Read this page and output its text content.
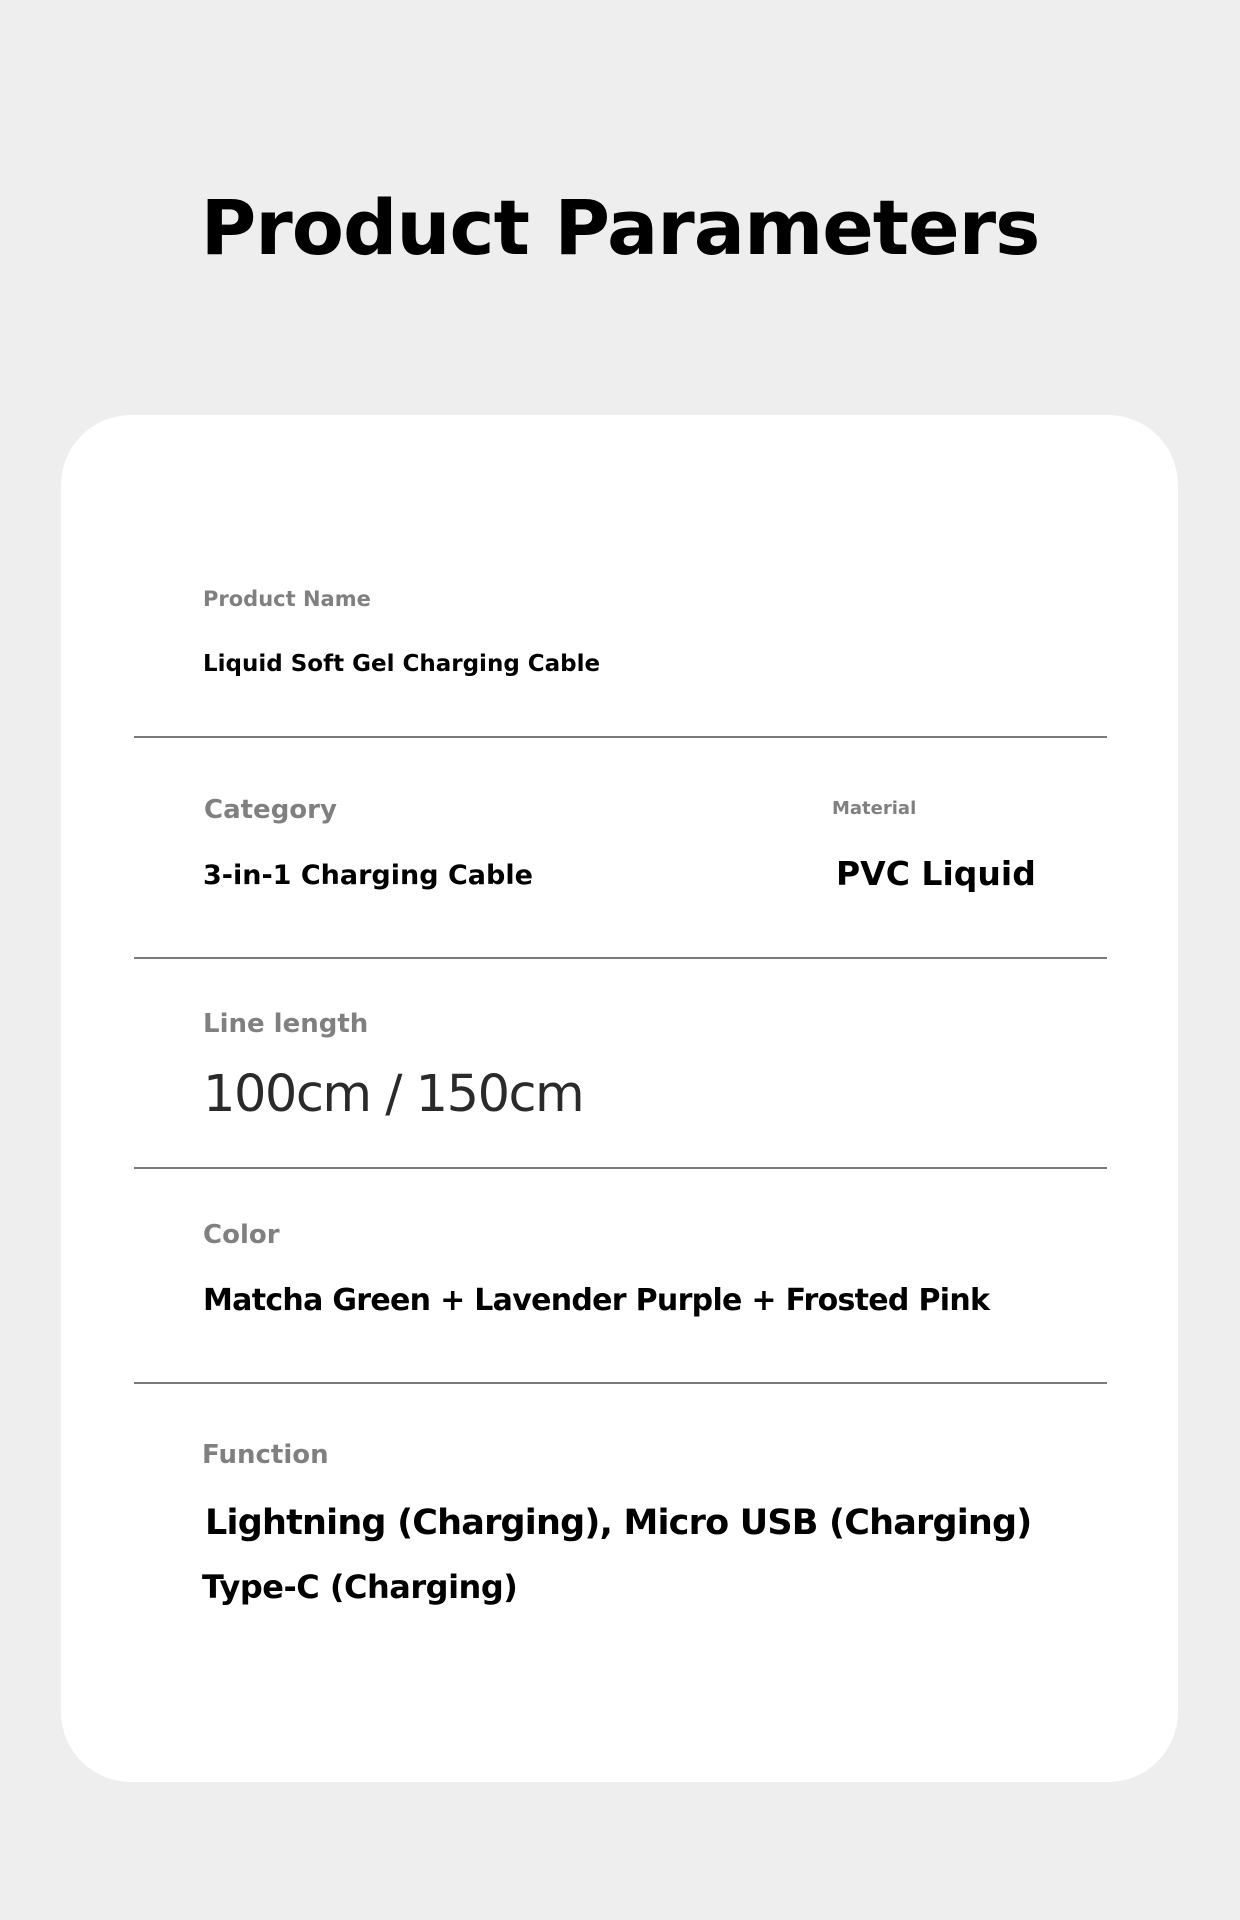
Product Parameters
Product Name
Liquid Soft Gel Charging Cable
Category
3-in-1 Charging Cable
Material
PVC Liquid
Line length
100cm / 150cm
Color
Matcha Green + Lavender Purple + Frosted Pink
Function
Lightning (Charging), Micro USB (Charging)
Type-C (Charging)
